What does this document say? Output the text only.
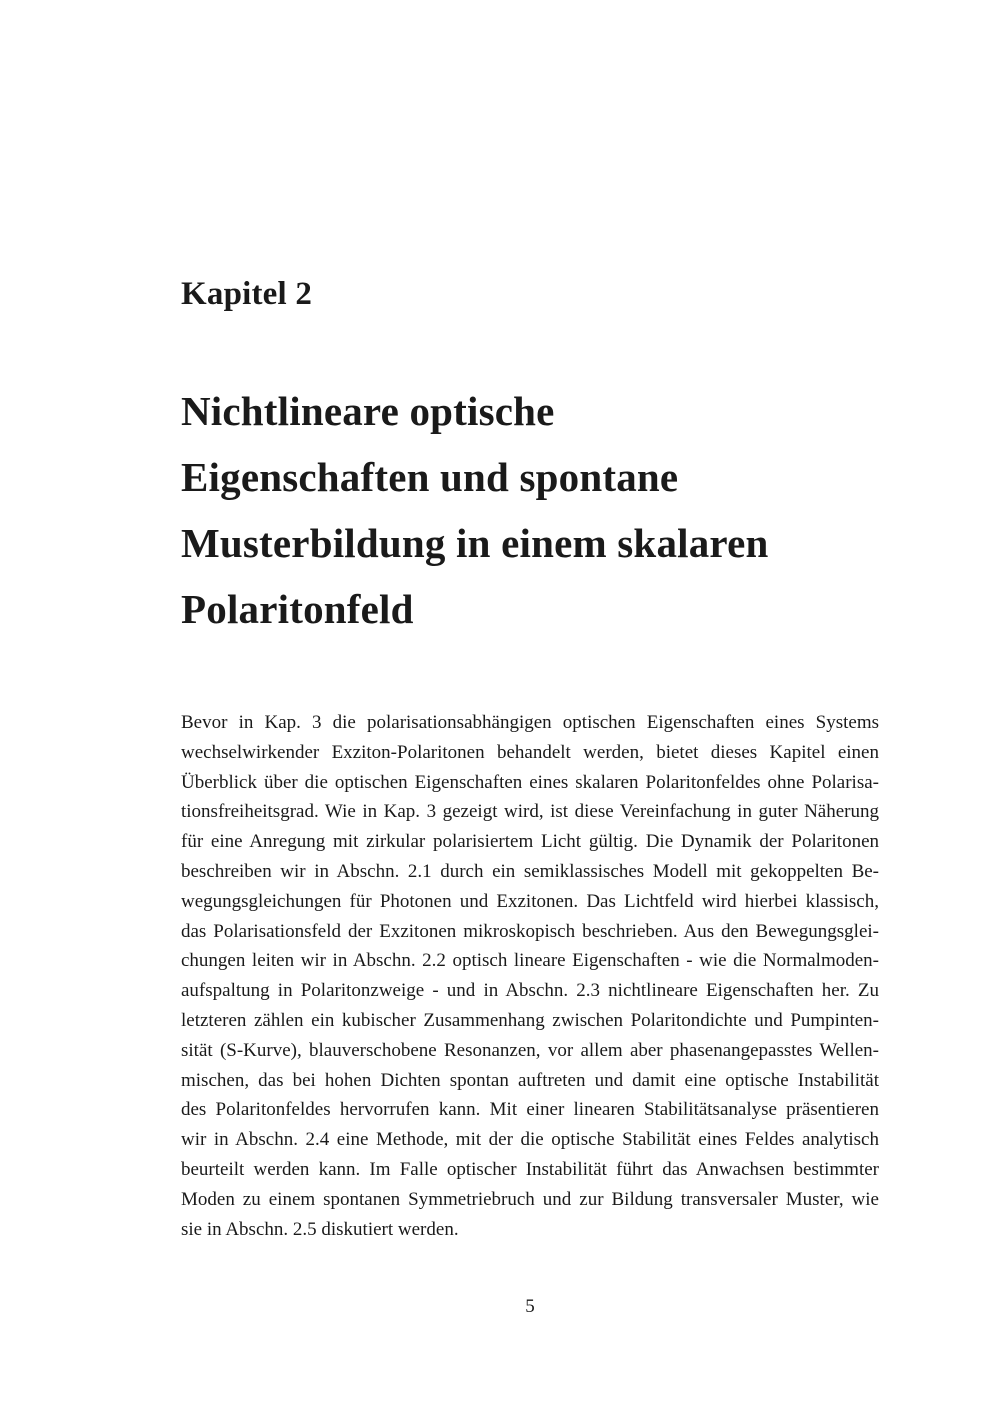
Kapitel 2
Nichtlineare optische
Eigenschaften und spontane
Musterbildung in einem skalaren
Polaritonfeld
Bevor in Kap. 3 die polarisationsabhängigen optischen Eigenschaften eines Systems
wechselwirkender Exziton-Polaritonen behandelt werden, bietet dieses Kapitel einen
Überblick über die optischen Eigenschaften eines skalaren Polaritonfeldes ohne Polarisa-
tionsfreiheitsgrad. Wie in Kap. 3 gezeigt wird, ist diese Vereinfachung in guter Näherung
für eine Anregung mit zirkular polarisiertem Licht gültig. Die Dynamik der Polaritonen
beschreiben wir in Abschn. 2.1 durch ein semiklassisches Modell mit gekoppelten Be-
wegungsgleichungen für Photonen und Exzitonen. Das Lichtfeld wird hierbei klassisch,
das Polarisationsfeld der Exzitonen mikroskopisch beschrieben. Aus den Bewegungsglei-
chungen leiten wir in Abschn. 2.2 optisch lineare Eigenschaften - wie die Normalmoden-
aufspaltung in Polaritonzweige - und in Abschn. 2.3 nichtlineare Eigenschaften her. Zu
letzteren zählen ein kubischer Zusammenhang zwischen Polaritondichte und Pumpinten-
sität (S-Kurve), blauverschobene Resonanzen, vor allem aber phasenangepasstes Wellen-
mischen, das bei hohen Dichten spontan auftreten und damit eine optische Instabilität
des Polaritonfeldes hervorrufen kann. Mit einer linearen Stabilitätsanalyse präsentieren
wir in Abschn. 2.4 eine Methode, mit der die optische Stabilität eines Feldes analytisch
beurteilt werden kann. Im Falle optischer Instabilität führt das Anwachsen bestimmter
Moden zu einem spontanen Symmetriebruch und zur Bildung transversaler Muster, wie
sie in Abschn. 2.5 diskutiert werden.
5
